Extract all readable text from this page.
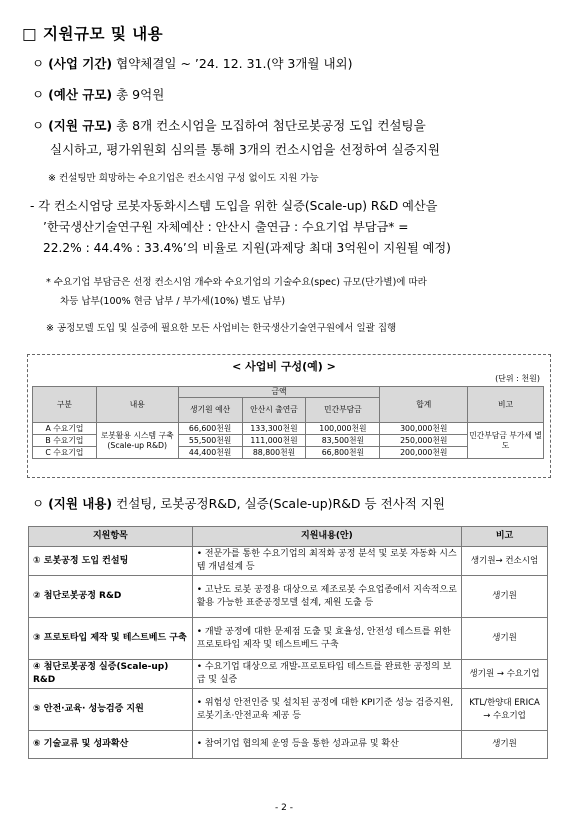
□ 지원규모 및 내용
ㅇ (사업 기간) 협약체결일 ~ ’24. 12. 31.(약 3개월 내외)
ㅇ (예산 규모) 총 9억원
ㅇ (지원 규모) 총 8개 컨소시엄을 모집하여 첨단로봇공정 도입 컨설팅을
실시하고, 평가위원회 심의를 통해 3개의 컨소시엄을 선정하여 실증지원
※ 컨설팅만 희망하는 수요기업은 컨소시엄 구성 없이도 지원 가능
- 각 컨소시엄당 로봇자동화시스템 도입을 위한 실증(Scale-up) R&D 예산을
’한국생산기술연구원 자체예산 : 안산시 출연금 : 수요기업 부담금* =
22.2% : 44.4% : 33.4%’의 비율로 지원(과제당 최대 3억원이 지원될 예정)
* 수요기업 부담금은 선정 컨소시엄 개수와 수요기업의 기술수요(spec) 규모(단가별)에 따라
차등 납부(100% 현금 납부 / 부가세(10%) 별도 납부)
※ 공정모델 도입 및 실증에 필요한 모든 사업비는 한국생산기술연구원에서 일괄 집행
< 사업비 구성(예) >
(단위 : 천원)
구분	내용	금액			합계	비고
		생기원 예산	안산시 출연금	민간부담금		

A 수요기업	로봇활용 시스템 구축 (Scale-up R&D)	66,600천원	133,300천원	100,000천원	300,000천원	민간부담금 부가세 별도
B 수요기업		55,500천원	111,000천원	83,500천원	250,000천원	
C 수요기업		44,400천원	88,800천원	66,800천원	200,000천원	
ㅇ (지원 내용) 컨설팅, 로봇공정R&D, 실증(Scale-up)R&D 등 전사적 지원
지원항목	지원내용(안)	비고
① 로봇공정 도입 컨설팅	• 전문가를 통한 수요기업의 최적화 공정 분석 및 로봇 자동화 시스템 개념설계 등	생기원→ 컨소시엄
② 첨단로봇공정 R&D	• 고난도 로봇 공정용 대상으로 제조로봇 수요업종에서 지속적으로 활용 가능한 표준공정모델 설계, 제원 도출 등	생기원
③ 프로토타입 제작 및 테스트베드 구축	• 개발 공정에 대한 문제점 도출 및 효율성, 안전성 테스트를 위한 프로토타입 제작 및 테스트베드 구축	생기원
④ 첨단로봇공정 실증(Scale-up) R&D	• 수요기업 대상으로 개발-프로토타입 테스트를 완료한 공정의 보급 및 실증	생기원 → 수요기업
⑤ 안전·교육· 성능검증 지원	• 위험성 안전인증 및 설치된 공정에 대한 KPI기준 성능 검증지원, 로봇기초·안전교육 제공 등	KTL/한양대 ERICA → 수요기업
⑥ 기술교류 및 성과확산	• 참여기업 협의체 운영 등을 통한 성과교류 및 확산	생기원
- 2 -
